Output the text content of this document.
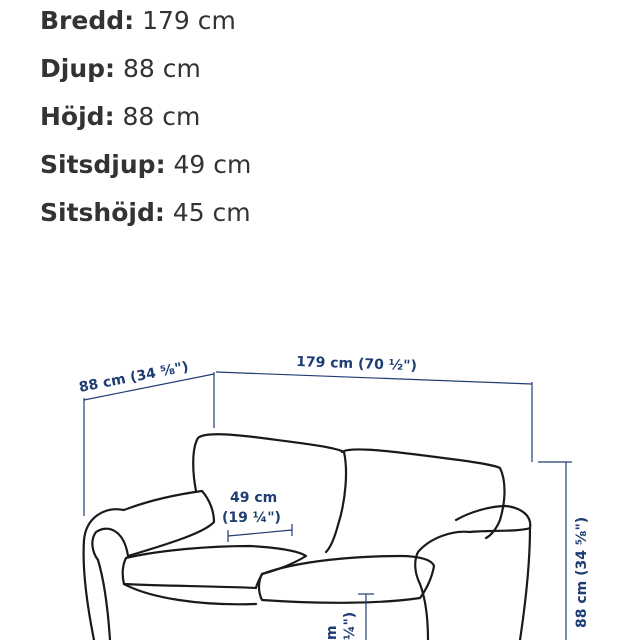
Bredd: 179 cm
Djup: 88 cm
Höjd: 88 cm
Sitsdjup: 49 cm
Sitshöjd: 45 cm
88 cm (34 ⁵⁄₈")	179 cm (70 ½")
49 cm
(19 ¼")	88 cm (34 ⁵⁄₈")
m ¼")
